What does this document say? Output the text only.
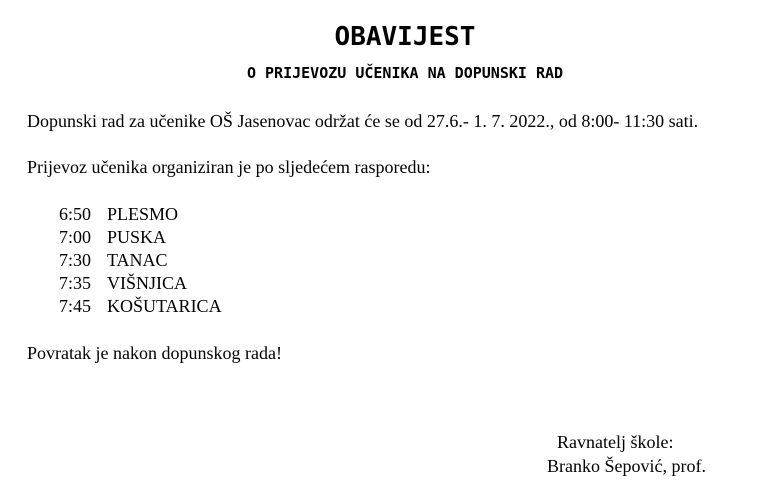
OBAVIJEST
O PRIJEVOZU UČENIKA NA DOPUNSKI RAD
Dopunski rad za učenike OŠ Jasenovac održat će se od 27.6.- 1. 7. 2022., od 8:00- 11:30 sati.
Prijevoz učenika organiziran je po sljedećem rasporedu:
6:50 PLESMO
7:00 PUSKA
7:30 TANAC
7:35 VIŠNJICA
7:45 KOŠUTARICA
Povratak je nakon dopunskog rada!
Ravnatelj škole:
Branko Šepović, prof.
